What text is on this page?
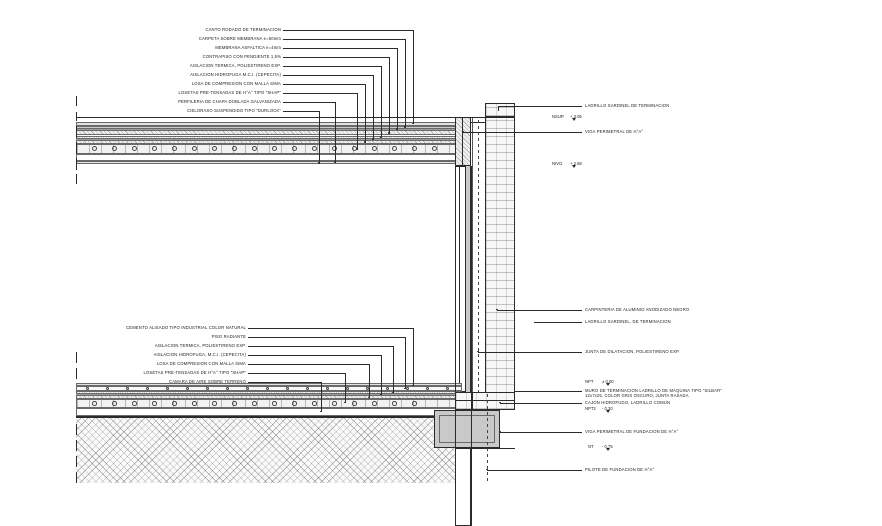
NSUP. + 3.05
NIVO. + 2.58
NPT ± 0.00
NPT2 - 0.30
NT - 0.75
CANTO RODADO DE TERMINACION
CARPETA SOBRE MEMBRANA e=50mm
MEMBRANA ASFALTICA e=4mm
CONTRAPISO CON PENDIENTE 1,5%
AISLACION TERMICA, POLIESTIRENO EXP.
AISLACION HIDROFUGA M.C.I. (CEPECITA)
LOSA DE COMPRESION CON MALLA SIMA
LOSETAS PRE-TENSADAS DE H°A° TIPO "SHAP"
PERFILERIA DE CHAPA DOBLADA GALVANIZADA
CIELORASO SUSPENDIDO TIPO "DURLOCK"
CEMENTO ALISADO TIPO INDUSTRIAL COLOR NATURAL
PISO RADIANTE
AISLACION TERMICA, POLIESTIRENO EXP.
AISLACION HIDROFUGA, M.C.I. (CEPECITA)
LOSA DE COMPRESION CON MALLA SIMA
LOSETAS PRE-TENSADAS DE H°A° TIPO "SHAP"
CAMARA DE AIRE SOBRE TERRENO
LADRILLO SARDINEL DE TERMINACION
VIGA PERIMETRAL DE H°A°
CARPINTERIA DE ALUMINIO ANODIZADO NEGRO
LADRILLO SARDINEL, DE TERMINACION
JUNTA DE DILATACION, POLIESTIRENO EXP.
MURO DE TERMINACION LADRILLO DE MAQUINA TIPO "SILBAR" 12x7x25, COLOR GRIS OSCURO, JUNTA RASADA
CAJON HIDROFUGO, LADRILLO COMUN
VIGA PERIMETRAL DE FUNDACION DE H°A°
PILOTE DE FUNDACION DE H°A°
